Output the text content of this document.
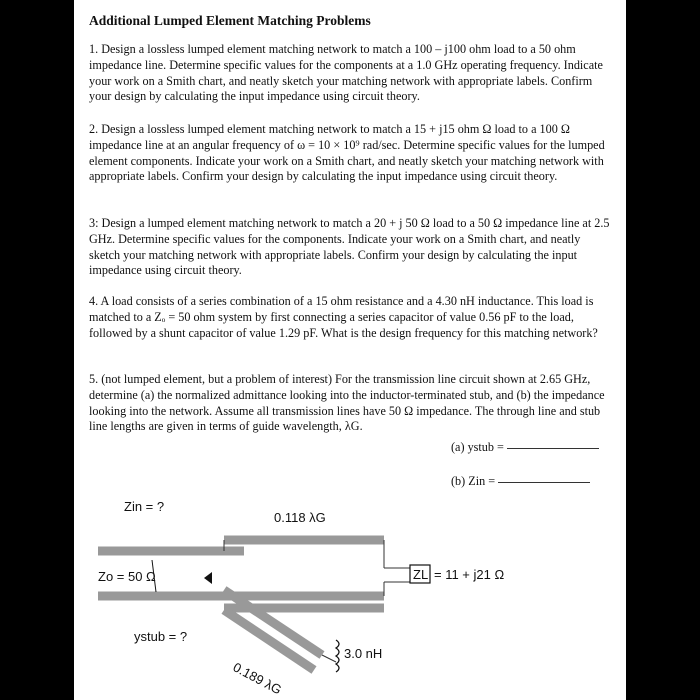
Additional Lumped Element Matching Problems

1. Design a lossless lumped element matching network to match a 100 – j100 ohm load to a 50 ohm impedance line. Determine specific values for the components at a 1.0 GHz operating frequency. Indicate your work on a Smith chart, and neatly sketch your matching network with appropriate labels. Confirm your design by calculating the input impedance using circuit theory.

2. Design a lossless lumped element matching network to match a 15 + j15 ohm Ω load to a 100 Ω impedance line at an angular frequency of ω = 10 × 10⁹ rad/sec. Determine specific values for the lumped element components. Indicate your work on a Smith chart, and neatly sketch your matching network with appropriate labels. Confirm your design by calculating the input impedance using circuit theory.

3: Design a lumped element matching network to match a 20 + j 50 Ω load to a 50 Ω impedance line at 2.5 GHz. Determine specific values for the components. Indicate your work on a Smith chart, and neatly sketch your matching network with appropriate labels. Confirm your design by calculating the input impedance using circuit theory.

4. A load consists of a series combination of a 15 ohm resistance and a 4.30 nH inductance. This load is matched to a Zₒ = 50 ohm system by first connecting a series capacitor of value 0.56 pF to the load, followed by a shunt capacitor of value 1.29 pF. What is the design frequency for this matching network?

5. (not lumped element, but a problem of interest) For the transmission line circuit shown at 2.65 GHz, determine (a) the normalized admittance looking into the inductor-terminated stub, and (b) the impedance looking into the network. Assume all transmission lines have 50 Ω impedance. The through line and stub line lengths are given in terms of guide wavelength, λG.

(a) ystub =
(b) Zin =
ZL = 11 + j21 Ω
3.0 nH
Zin = ?
Zo = 50 Ω
ystub = ?
0.118 λG
0.189 λG
